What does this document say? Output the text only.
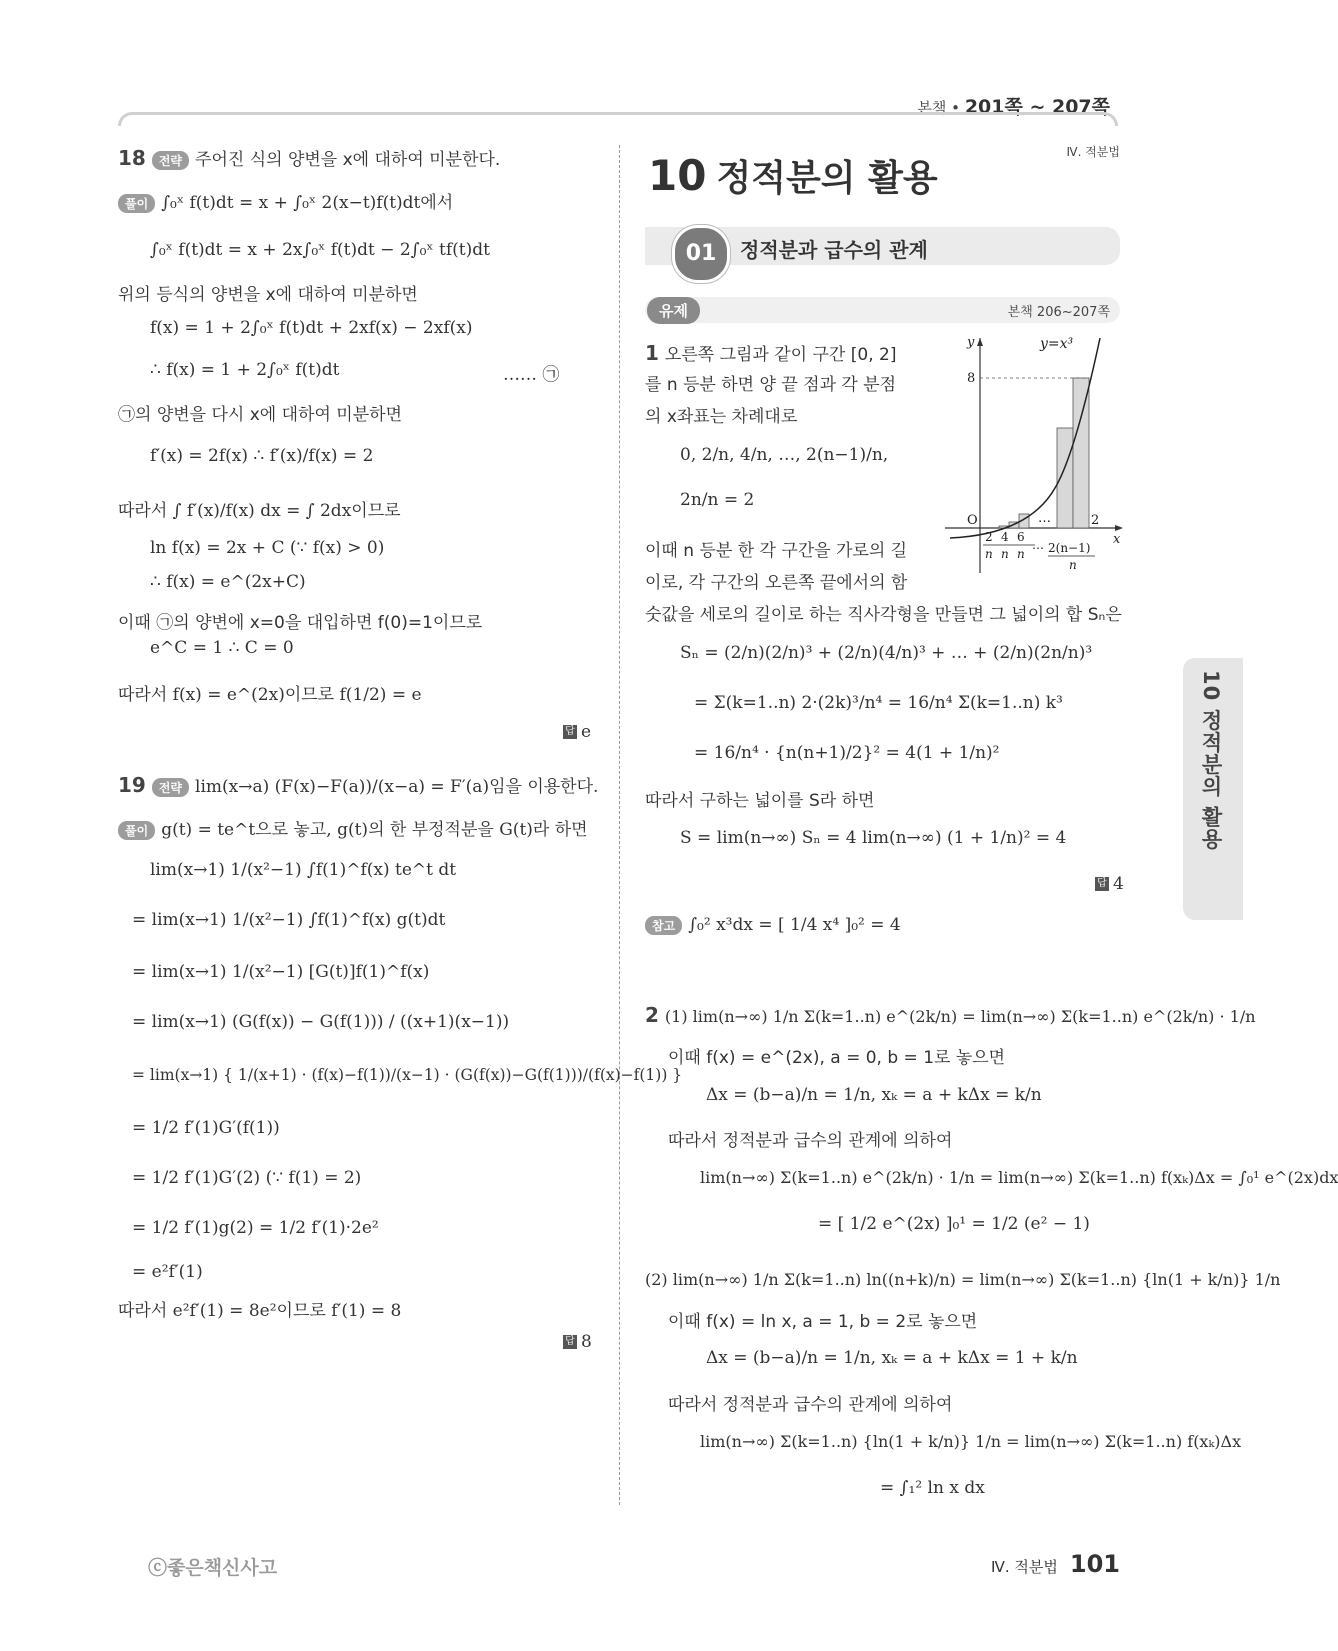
본책 • 201쪽 ~ 207쪽
Ⅳ. 적분법
18 전략 주어진 식의 양변을 x에 대하여 미분한다.
풀이 ∫₀ˣ f(t)dt = x + ∫₀ˣ 2(x−t)f(t)dt에서
∫₀ˣ f(t)dt = x + 2x∫₀ˣ f(t)dt − 2∫₀ˣ tf(t)dt
위의 등식의 양변을 x에 대하여 미분하면
f(x) = 1 + 2∫₀ˣ f(t)dt + 2xf(x) − 2xf(x)
∴ f(x) = 1 + 2∫₀ˣ f(t)dt	…… ㉠
㉠의 양변을 다시 x에 대하여 미분하면
f′(x) = 2f(x) ∴ f′(x)/f(x) = 2
따라서 ∫ f′(x)/f(x) dx = ∫ 2dx이므로
ln f(x) = 2x + C (∵ f(x) > 0)
∴ f(x) = e^(2x+C)
이때 ㉠의 양변에 x=0을 대입하면 f(0)=1이므로
e^C = 1 ∴ C = 0
따라서 f(x) = e^(2x)이므로 f(1/2) = e
답 e
19 전략 lim(x→a) (F(x)−F(a))/(x−a) = F′(a)임을 이용한다.
풀이 g(t) = te^t으로 놓고, g(t)의 한 부정적분을 G(t)라 하면
lim(x→1) 1/(x²−1) ∫f(1)^f(x) te^t dt
= lim(x→1) 1/(x²−1) ∫f(1)^f(x) g(t)dt
= lim(x→1) 1/(x²−1) [G(t)]f(1)^f(x)
= lim(x→1) (G(f(x)) − G(f(1))) / ((x+1)(x−1))
= lim(x→1) { 1/(x+1) · (f(x)−f(1))/(x−1) · (G(f(x))−G(f(1)))/(f(x)−f(1)) }
= 1/2 f′(1)G′(f(1))
= 1/2 f′(1)G′(2) (∵ f(1) = 2)
= 1/2 f′(1)g(2) = 1/2 f′(1)·2e²
= e²f′(1)
따라서 e²f′(1) = 8e²이므로 f′(1) = 8
답 8
10 정적분의 활용
01	정적분과 급수의 관계
유제	본책 206~207쪽
1 오른쪽 그림과 같이 구간 [0, 2]
를 n 등분 하면 양 끝 점과 각 분점
의 x좌표는 차례대로
0, 2/n, 4/n, …, 2(n−1)/n,
2n/n = 2
이때 n 등분 한 각 구간을 가로의 길
이로, 각 구간의 오른쪽 끝에서의 함
숫값을 세로의 길이로 하는 직사각형을 만들면 그 넓이의 합 Sₙ은
Sₙ = (2/n)(2/n)³ + (2/n)(4/n)³ + … + (2/n)(2n/n)³
= Σ(k=1..n) 2·(2k)³/n⁴ = 16/n⁴ Σ(k=1..n) k³
= 16/n⁴ · {n(n+1)/2}² = 4(1 + 1/n)²
따라서 구하는 넓이를 S라 하면
S = lim(n→∞) Sₙ = 4 lim(n→∞) (1 + 1/n)² = 4
답 4
참고 ∫₀² x³dx = [ 1/4 x⁴ ]₀² = 4
y=x³
y
x
8
O	2
…
2 4 6
n n n
… 2(n−1)
n
2 (1) lim(n→∞) 1/n Σ(k=1..n) e^(2k/n) = lim(n→∞) Σ(k=1..n) e^(2k/n) · 1/n
이때 f(x) = e^(2x), a = 0, b = 1로 놓으면
Δx = (b−a)/n = 1/n, xₖ = a + kΔx = k/n
따라서 정적분과 급수의 관계에 의하여
lim(n→∞) Σ(k=1..n) e^(2k/n) · 1/n = lim(n→∞) Σ(k=1..n) f(xₖ)Δx = ∫₀¹ e^(2x)dx
= [ 1/2 e^(2x) ]₀¹ = 1/2 (e² − 1)
(2) lim(n→∞) 1/n Σ(k=1..n) ln((n+k)/n) = lim(n→∞) Σ(k=1..n) {ln(1 + k/n)} 1/n
이때 f(x) = ln x, a = 1, b = 2로 놓으면
Δx = (b−a)/n = 1/n, xₖ = a + kΔx = 1 + k/n
따라서 정적분과 급수의 관계에 의하여
lim(n→∞) Σ(k=1..n) {ln(1 + k/n)} 1/n = lim(n→∞) Σ(k=1..n) f(xₖ)Δx
= ∫₁² ln x dx
10 정적분의 활용
ⓒ좋은책신사고	Ⅳ. 적분법 101
